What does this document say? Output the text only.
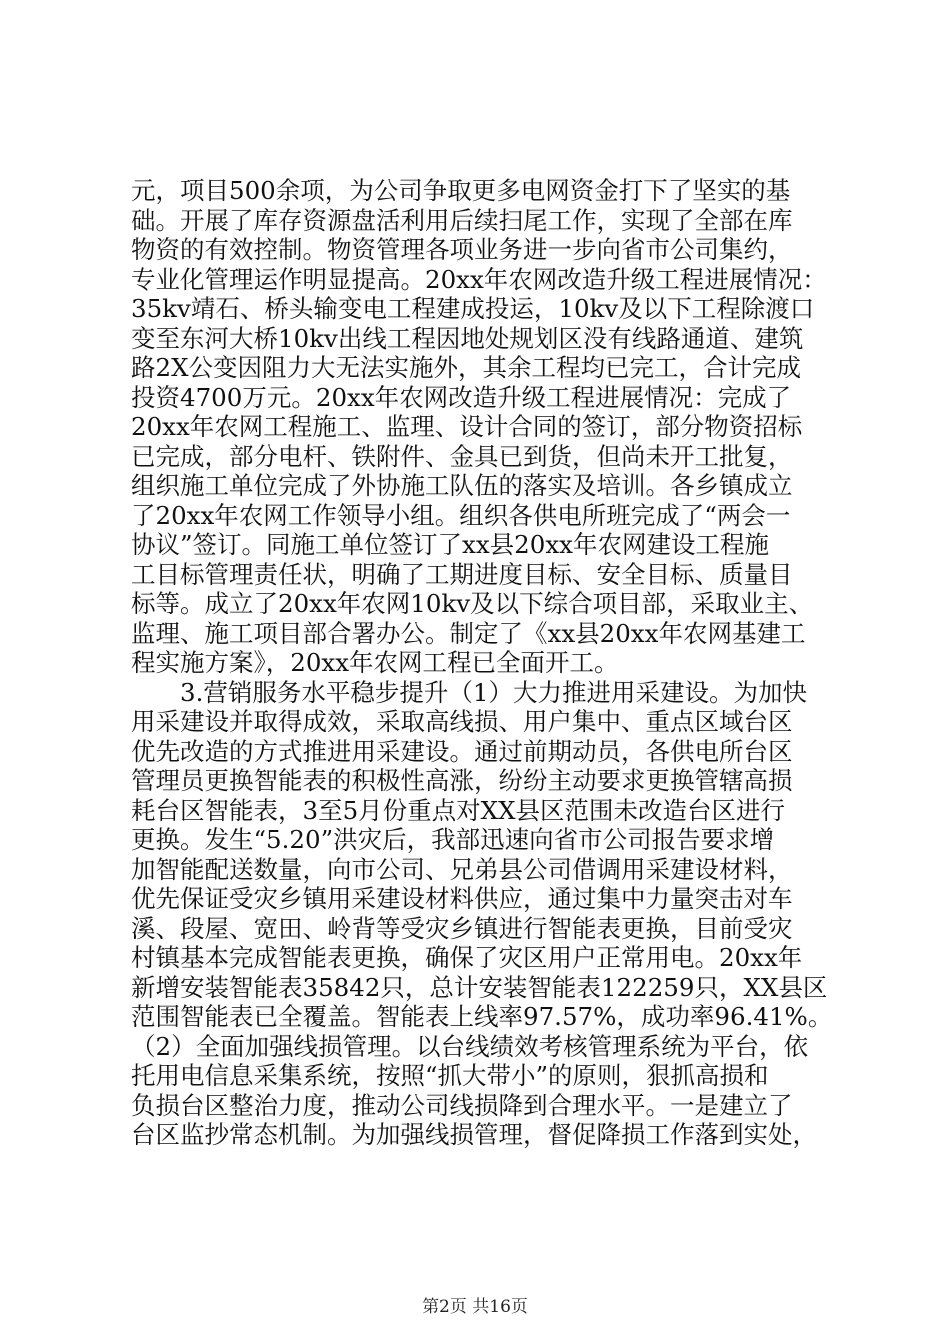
元，项目500余项，为公司争取更多电网资金打下了坚实的基
础。开展了库存资源盘活利用后续扫尾工作，实现了全部在库
物资的有效控制。物资管理各项业务进一步向省市公司集约，
专业化管理运作明显提高。20xx年农网改造升级工程进展情况：
35kv靖石、桥头输变电工程建成投运，10kv及以下工程除渡口
变至东河大桥10kv出线工程因地处规划区没有线路通道、建筑
路2X公变因阻力大无法实施外，其余工程均已完工，合计完成
投资4700万元。20xx年农网改造升级工程进展情况：完成了
20xx年农网工程施工、监理、设计合同的签订，部分物资招标
已完成，部分电杆、铁附件、金具已到货，但尚未开工批复，
组织施工单位完成了外协施工队伍的落实及培训。各乡镇成立
了20xx年农网工作领导小组。组织各供电所班完成了“两会一
协议”签订。同施工单位签订了xx县20xx年农网建设工程施
工目标管理责任状，明确了工期进度目标、安全目标、质量目
标等。成立了20xx年农网10kv及以下综合项目部，采取业主、
监理、施工项目部合署办公。制定了《xx县20xx年农网基建工
程实施方案》，20xx年农网工程已全面开工。
　　3.营销服务水平稳步提升（1）大力推进用采建设。为加快
用采建设并取得成效，采取高线损、用户集中、重点区域台区
优先改造的方式推进用采建设。通过前期动员，各供电所台区
管理员更换智能表的积极性高涨，纷纷主动要求更换管辖高损
耗台区智能表，3至5月份重点对XX县区范围未改造台区进行
更换。发生“5.20”洪灾后，我部迅速向省市公司报告要求增
加智能配送数量，向市公司、兄弟县公司借调用采建设材料，
优先保证受灾乡镇用采建设材料供应，通过集中力量突击对车
溪、段屋、宽田、岭背等受灾乡镇进行智能表更换，目前受灾
村镇基本完成智能表更换，确保了灾区用户正常用电。20xx年
新增安装智能表35842只，总计安装智能表122259只，XX县区
范围智能表已全覆盖。智能表上线率97.57%，成功率96.41%。
（2）全面加强线损管理。以台线绩效考核管理系统为平台，依
托用电信息采集系统，按照“抓大带小”的原则，狠抓高损和
负损台区整治力度，推动公司线损降到合理水平。一是建立了
台区监抄常态机制。为加强线损管理，督促降损工作落到实处，
第2页 共16页
